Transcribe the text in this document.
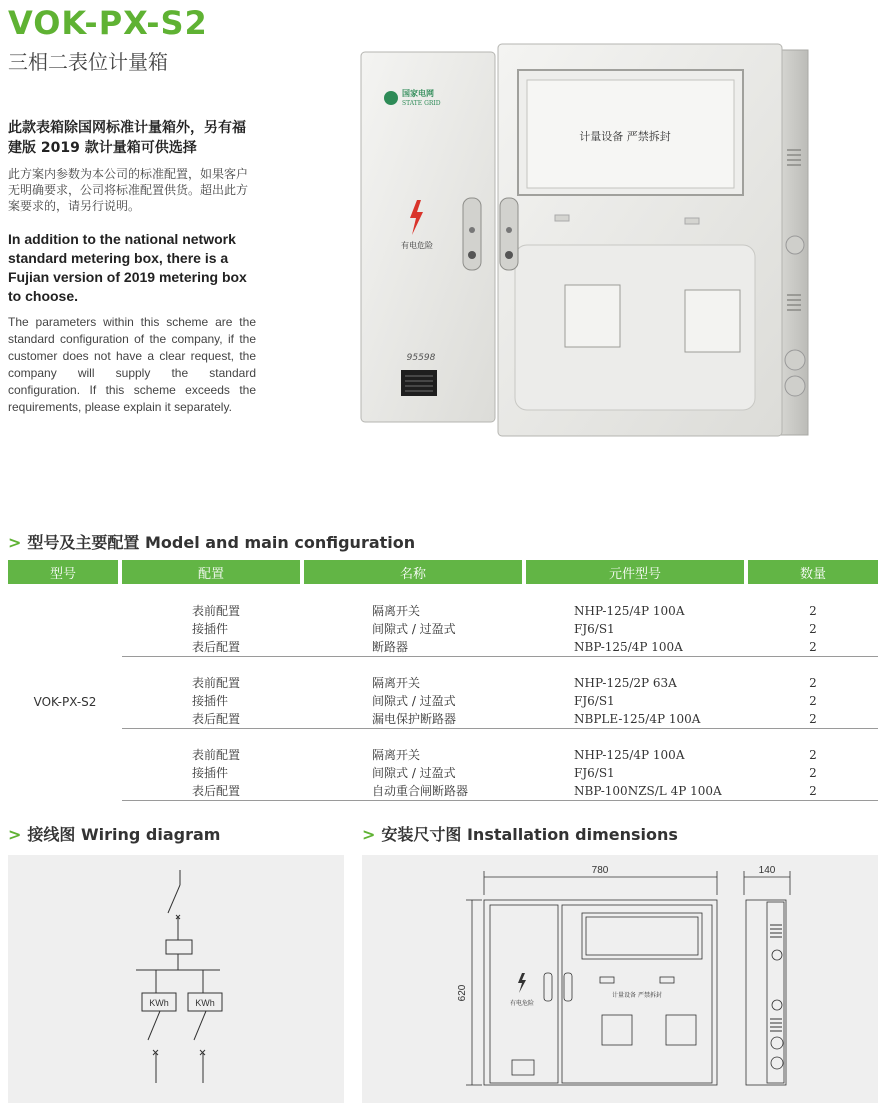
VOK-PX-S2
三相二表位计量箱
此款表箱除国网标准计量箱外，另有福建版 2019 款计量箱可供选择
此方案内参数为本公司的标准配置，如果客户无明确要求，公司将标准配置供货。超出此方案要求的，请另行说明。
In addition to the national network standard metering box, there is a Fujian version of 2019 metering box to choose.
The parameters within this scheme are the standard configuration of the company, if the customer does not have a clear request, the company will supply the standard configuration. If this scheme exceeds the requirements, please explain it separately.
计量设备 严禁拆封
国家电网
STATE GRID
有电危险
95598
> 型号及主要配置 Model and main configuration
型号	配置	名称	元件型号	数量

VOK-PX-S2	表前配置	隔离开关	NHP-125/4P 100A	2
	接插件	间隙式 / 过盈式	FJ6/S1	2
	表后配置	断路器	NBP-125/4P 100A	2

	表前配置	隔离开关	NHP-125/2P 63A	2
	接插件	间隙式 / 过盈式	FJ6/S1	2
	表后配置	漏电保护断路器	NBPLE-125/4P 100A	2

	表前配置	隔离开关	NHP-125/4P 100A	2
	接插件	间隙式 / 过盈式	FJ6/S1	2
	表后配置	自动重合闸断路器	NBP-100NZS/L 4P 100A	2
> 接线图 Wiring diagram
KWh	KWh
> 安装尺寸图 Installation dimensions
780	140
620
有电危险
计量设备 严禁拆封
